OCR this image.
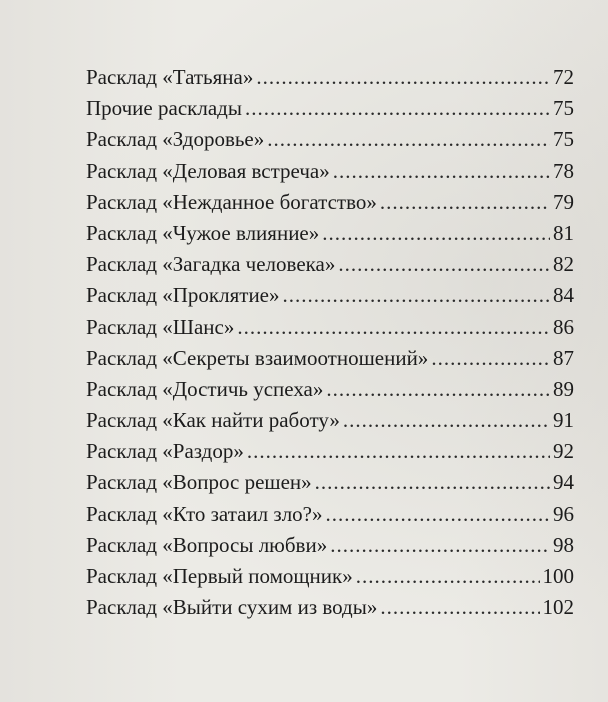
Расклад «Татьяна» .....	72
Прочие расклады .....	75
Расклад «Здоровье» .....	75
Расклад «Деловая встреча» .....	78
Расклад «Нежданное богатство» .....	79
Расклад «Чужое влияние» .....	81
Расклад «Загадка человека» .....	82
Расклад «Проклятие» .....	84
Расклад «Шанс» .....	86
Расклад «Секреты взаимоотношений» .....	87
Расклад «Достичь успеха» .....	89
Расклад «Как найти работу» .....	91
Расклад «Раздор» .....	92
Расклад «Вопрос решен» .....	94
Расклад «Кто затаил зло?» .....	96
Расклад «Вопросы любви» .....	98
Расклад «Первый помощник» .....	100
Расклад «Выйти сухим из воды» .....	102
